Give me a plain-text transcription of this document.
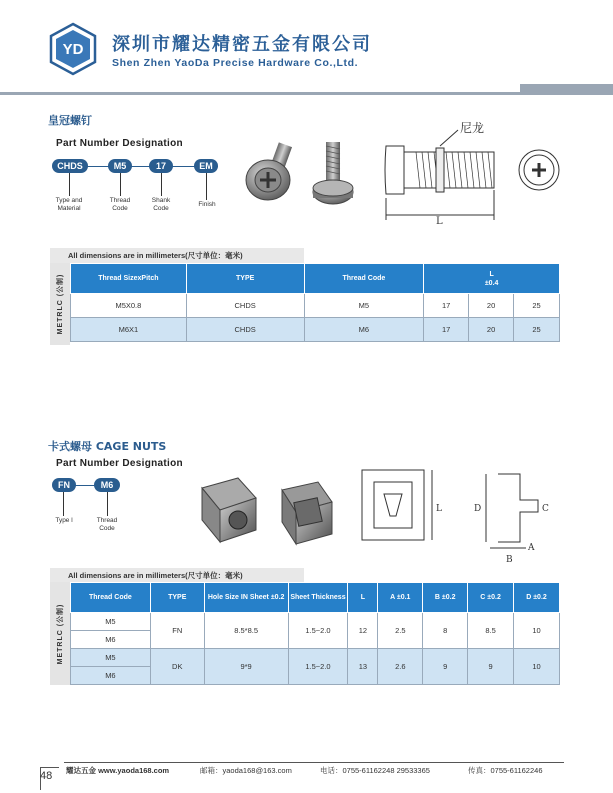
YD 深圳市耀达精密五金有限公司
Shen Zhen YaoDa Precise Hardware Co.,Ltd.
皇冠螺钉
Part Number Designation
CHDS	M5	17	EM
Type and Material
Thread Code
Shank Code
Finish
尼龙
L
All dimensions are in millimeters(尺寸单位：毫米)
METRLC (公制)	Thread SizexPitch	TYPE	Thread Code	L
±0.4		
M5X0.8	CHDS	M5	17	20	25
M6X1	CHDS	M6	17	20	25
卡式螺母 CAGE NUTS
Part Number Designation
FN	M6
Type l	Thread Code
L	D	C
A
B
All dimensions are in millimeters(尺寸单位：毫米)
METRLC (公制)
Thread Code	TYPE	Hole Size IN Sheet ±0.2	Sheet Thickness	L	A ±0.1	B ±0.2	C ±0.2	D ±0.2
M5	FN	8.5*8.5	1.5~2.0	12	2.5	8	8.5	10
M6								
M5	DK	9*9	1.5~2.0	13	2.6	9	9	10
M6								
48 耀达五金 www.yaoda168.com	邮箱：yaoda168@163.com	电话：0755-61162248 29533365	传真：0755-61162246
